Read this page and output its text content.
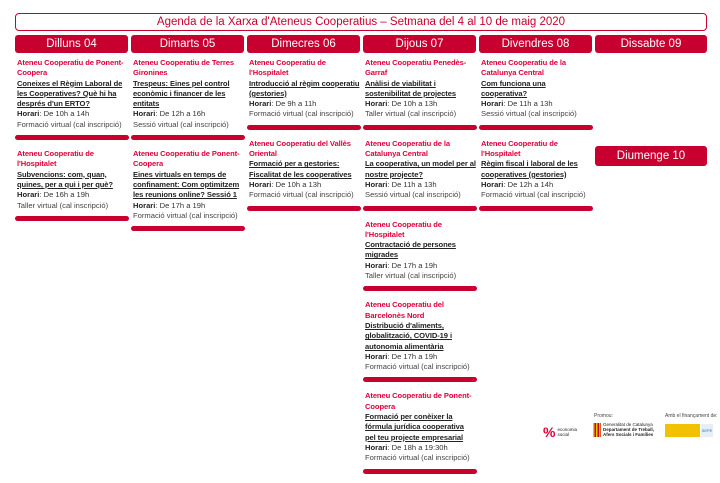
Agenda de la Xarxa d'Ateneus Cooperatius – Setmana del 4 al 10 de maig 2020
Dilluns 04	Dimarts 05	Dimecres 06	Dijous 07	Divendres 08	Dissabte 09
Ateneu Cooperatiu de Ponent-Coopera
Coneixes el Règim Laboral de les Cooperatives? Què hi ha després d'un ERTO?
Horari: De 10h a 14h
Formació virtual (cal inscripció)
Ateneu Cooperatiu de l'Hospitalet
Subvencions: com, quan, quines, per a qui i per què?
Horari: De 16h a 19h
Taller virtual (cal inscripció)
Ateneu Cooperatiu de Terres Gironines
Trespeus: Eines pel control econòmic i financer de les entitats
Horari: De 12h a 16h
Sessió virtual (cal inscripció)
Ateneu Cooperatiu de Ponent-Coopera
Eines virtuals en temps de confinament: Com optimitzem les reunions online? Sessió 1
Horari: De 17h a 19h
Formació virtual (cal inscripció)
Ateneu Cooperatiu de l'Hospitalet
Introducció al règim cooperatiu (gestories)
Horari: De 9h a 11h
Formació virtual (cal inscripció)
Ateneu Cooperatiu del Vallès Oriental
Formació per a gestories: Fiscalitat de les cooperatives
Horari: De 10h a 13h
Formació virtual (cal inscripció)
Ateneu Cooperatiu Penedès-Garraf
Anàlisi de viabilitat i sostenibilitat de projectes
Horari: De 10h a 13h
Taller virtual (cal inscripció)
Ateneu Cooperatiu de la Catalunya Central
La cooperativa, un model per al nostre projecte?
Horari: De 11h a 13h
Sessió virtual (cal inscripció)
Ateneu Cooperatiu de l'Hospitalet
Contractació de persones migrades
Horari: De 17h a 19h
Taller virtual (cal inscripció)
Ateneu Cooperatiu del Barcelonès Nord
Distribució d'aliments, globalització, COVID-19 i autonomia alimentària
Horari: De 17h a 19h
Formació virtual (cal inscripció)
Ateneu Cooperatiu de Ponent-Coopera
Formació per conèixer la fórmula jurídica cooperativa pel teu projecte empresarial
Horari: De 18h a 19:30h
Formació virtual (cal inscripció)
Ateneu Cooperatiu de la Catalunya Central
Com funciona una cooperativa?
Horari: De 11h a 13h
Sessió virtual (cal inscripció)
Ateneu Cooperatiu de l'Hospitalet
Règim fiscal i laboral de les cooperatives (gestories)
Horari: De 12h a 14h
Formació virtual (cal inscripció)
Diumenge 10
Promou:	Amb el finançament de:
% economia
social
Generalitat de Catalunya
Departament de Treball,
Afers Socials i Famílies
SEPE
